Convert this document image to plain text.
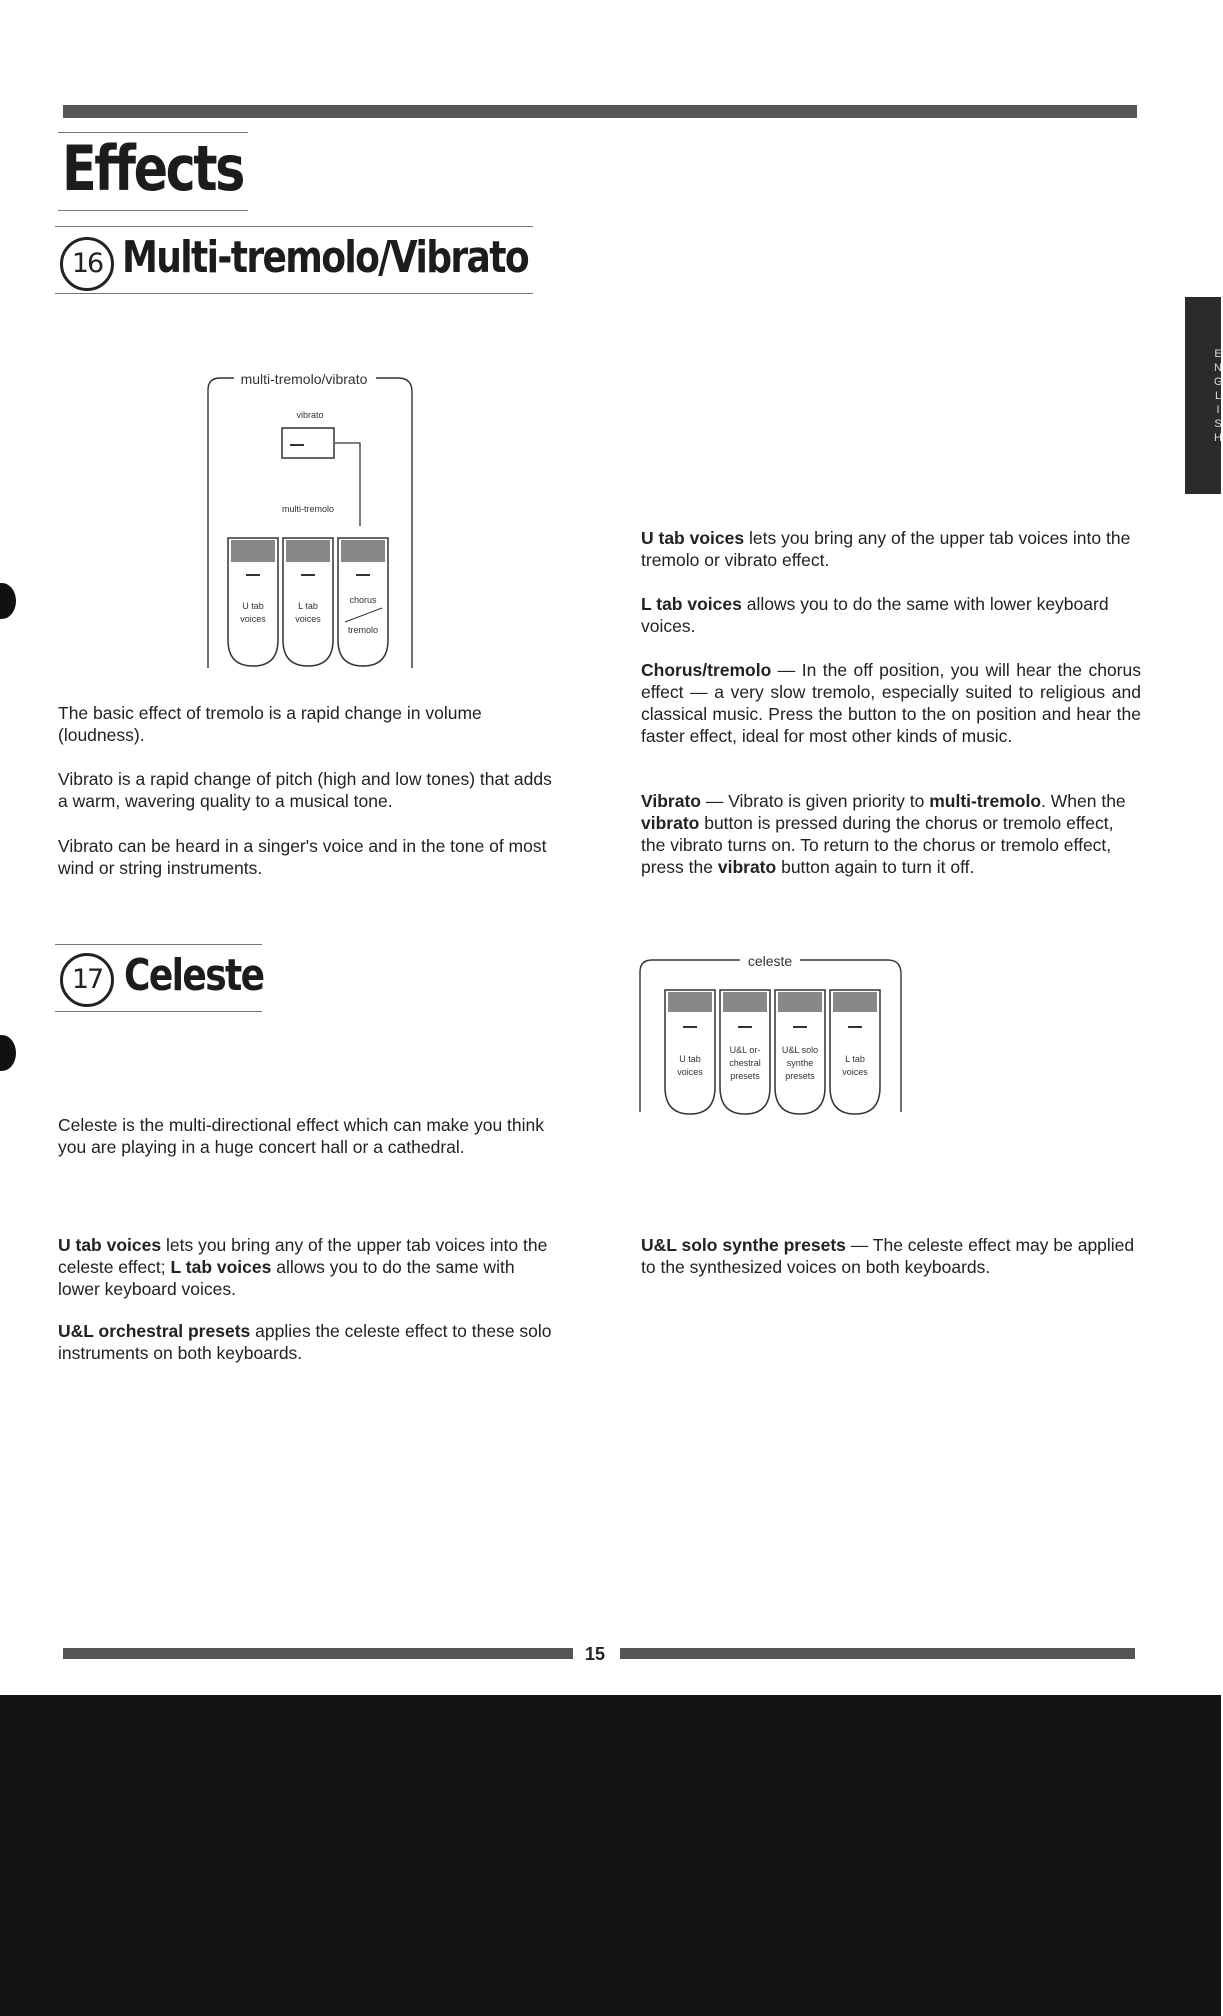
Effects
16 Multi-tremolo/Vibrato
E
N
G
L
I
S
H
multi-tremolo/vibrato
vibrato
multi-tremolo
U tab
voices
L tab
voices
chorus
tremolo

The basic effect of tremolo is a rapid change in volume (loudness).

Vibrato is a rapid change of pitch (high and low tones) that adds a warm, wavering quality to a musical tone.

Vibrato can be heard in a singer's voice and in the tone of most wind or string instruments.

U tab voices lets you bring any of the upper tab voices into the tremolo or vibrato effect.

L tab voices allows you to do the same with lower keyboard voices.

Chorus/tremolo — In the off position, you will hear the chorus effect — a very slow tremolo, especially suited to religious and classical music. Press the button to the on position and hear the faster effect, ideal for most other kinds of music.

Vibrato — Vibrato is given priority to multi-tremolo. When the vibrato button is pressed during the chorus or tremolo effect, the vibrato turns on. To return to the chorus or tremolo effect, press the vibrato button again to turn it off.

17 Celeste	celeste
U tab
voices
U&L or-
chestral
presets
U&L solo
synthe
presets
L tab
voices

Celeste is the multi-directional effect which can make you think you are playing in a huge concert hall or a cathedral.

U tab voices lets you bring any of the upper tab voices into the celeste effect; L tab voices allows you to do the same with lower keyboard voices.

U&L orchestral presets applies the celeste effect to these solo instruments on both keyboards.

U&L solo synthe presets — The celeste effect may be applied to the synthesized voices on both keyboards.

15
